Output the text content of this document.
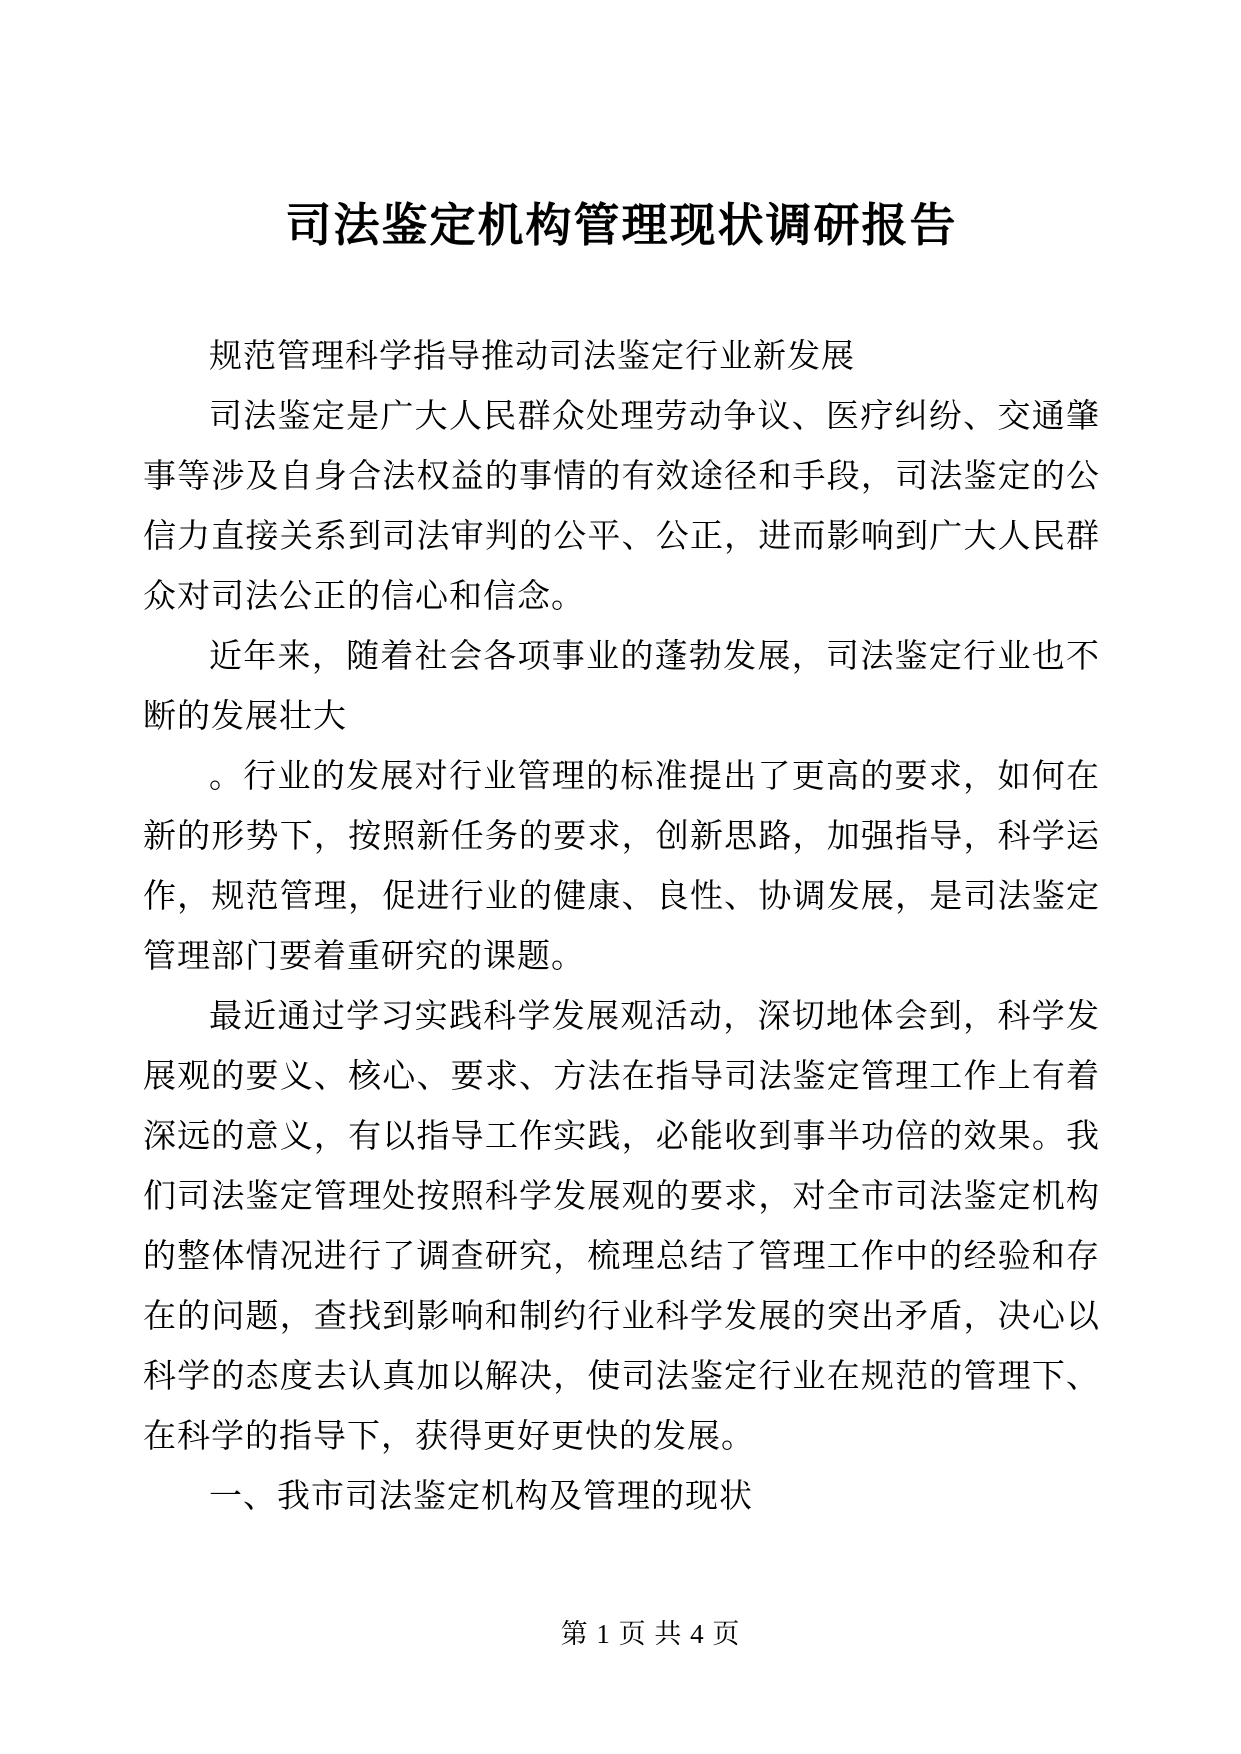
司法鉴定机构管理现状调研报告

规范管理科学指导推动司法鉴定行业新发展

司法鉴定是广大人民群众处理劳动争议、医疗纠纷、交通肇事等涉及自身合法权益的事情的有效途径和手段，司法鉴定的公信力直接关系到司法审判的公平、公正，进而影响到广大人民群众对司法公正的信心和信念。

近年来，随着社会各项事业的蓬勃发展，司法鉴定行业也不断的发展壮大

。行业的发展对行业管理的标准提出了更高的要求，如何在新的形势下，按照新任务的要求，创新思路，加强指导，科学运作，规范管理，促进行业的健康、良性、协调发展，是司法鉴定管理部门要着重研究的课题。

最近通过学习实践科学发展观活动，深切地体会到，科学发展观的要义、核心、要求、方法在指导司法鉴定管理工作上有着深远的意义，有以指导工作实践，必能收到事半功倍的效果。我们司法鉴定管理处按照科学发展观的要求，对全市司法鉴定机构的整体情况进行了调查研究，梳理总结了管理工作中的经验和存在的问题，查找到影响和制约行业科学发展的突出矛盾，决心以科学的态度去认真加以解决，使司法鉴定行业在规范的管理下、在科学的指导下，获得更好更快的发展。

一、我市司法鉴定机构及管理的现状

第 1 页 共 4 页
